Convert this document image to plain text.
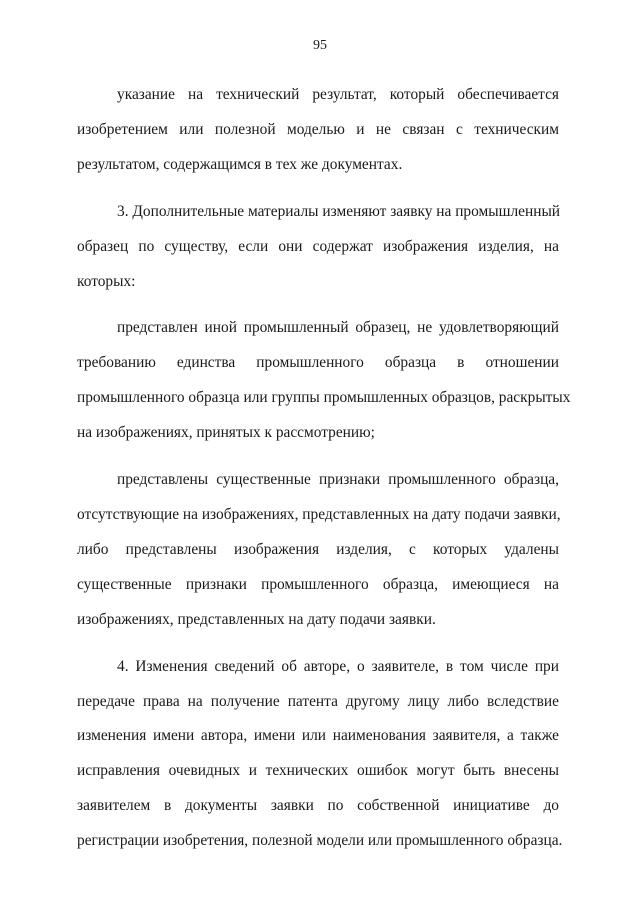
95
указание на технический результат, который обеспечивается
изобретением или полезной моделью и не связан с техническим
результатом, содержащимся в тех же документах.
3. Дополнительные материалы изменяют заявку на промышленный
образец по существу, если они содержат изображения изделия, на
которых:
представлен иной промышленный образец, не удовлетворяющий
требованию единства промышленного образца в отношении
промышленного образца или группы промышленных образцов, раскрытых
на изображениях, принятых к рассмотрению;
представлены существенные признаки промышленного образца,
отсутствующие на изображениях, представленных на дату подачи заявки,
либо представлены изображения изделия, с которых удалены
существенные признаки промышленного образца, имеющиеся на
изображениях, представленных на дату подачи заявки.
4. Изменения сведений об авторе, о заявителе, в том числе при
передаче права на получение патента другому лицу либо вследствие
изменения имени автора, имени или наименования заявителя, а также
исправления очевидных и технических ошибок могут быть внесены
заявителем в документы заявки по собственной инициативе до
регистрации изобретения, полезной модели или промышленного образца.
